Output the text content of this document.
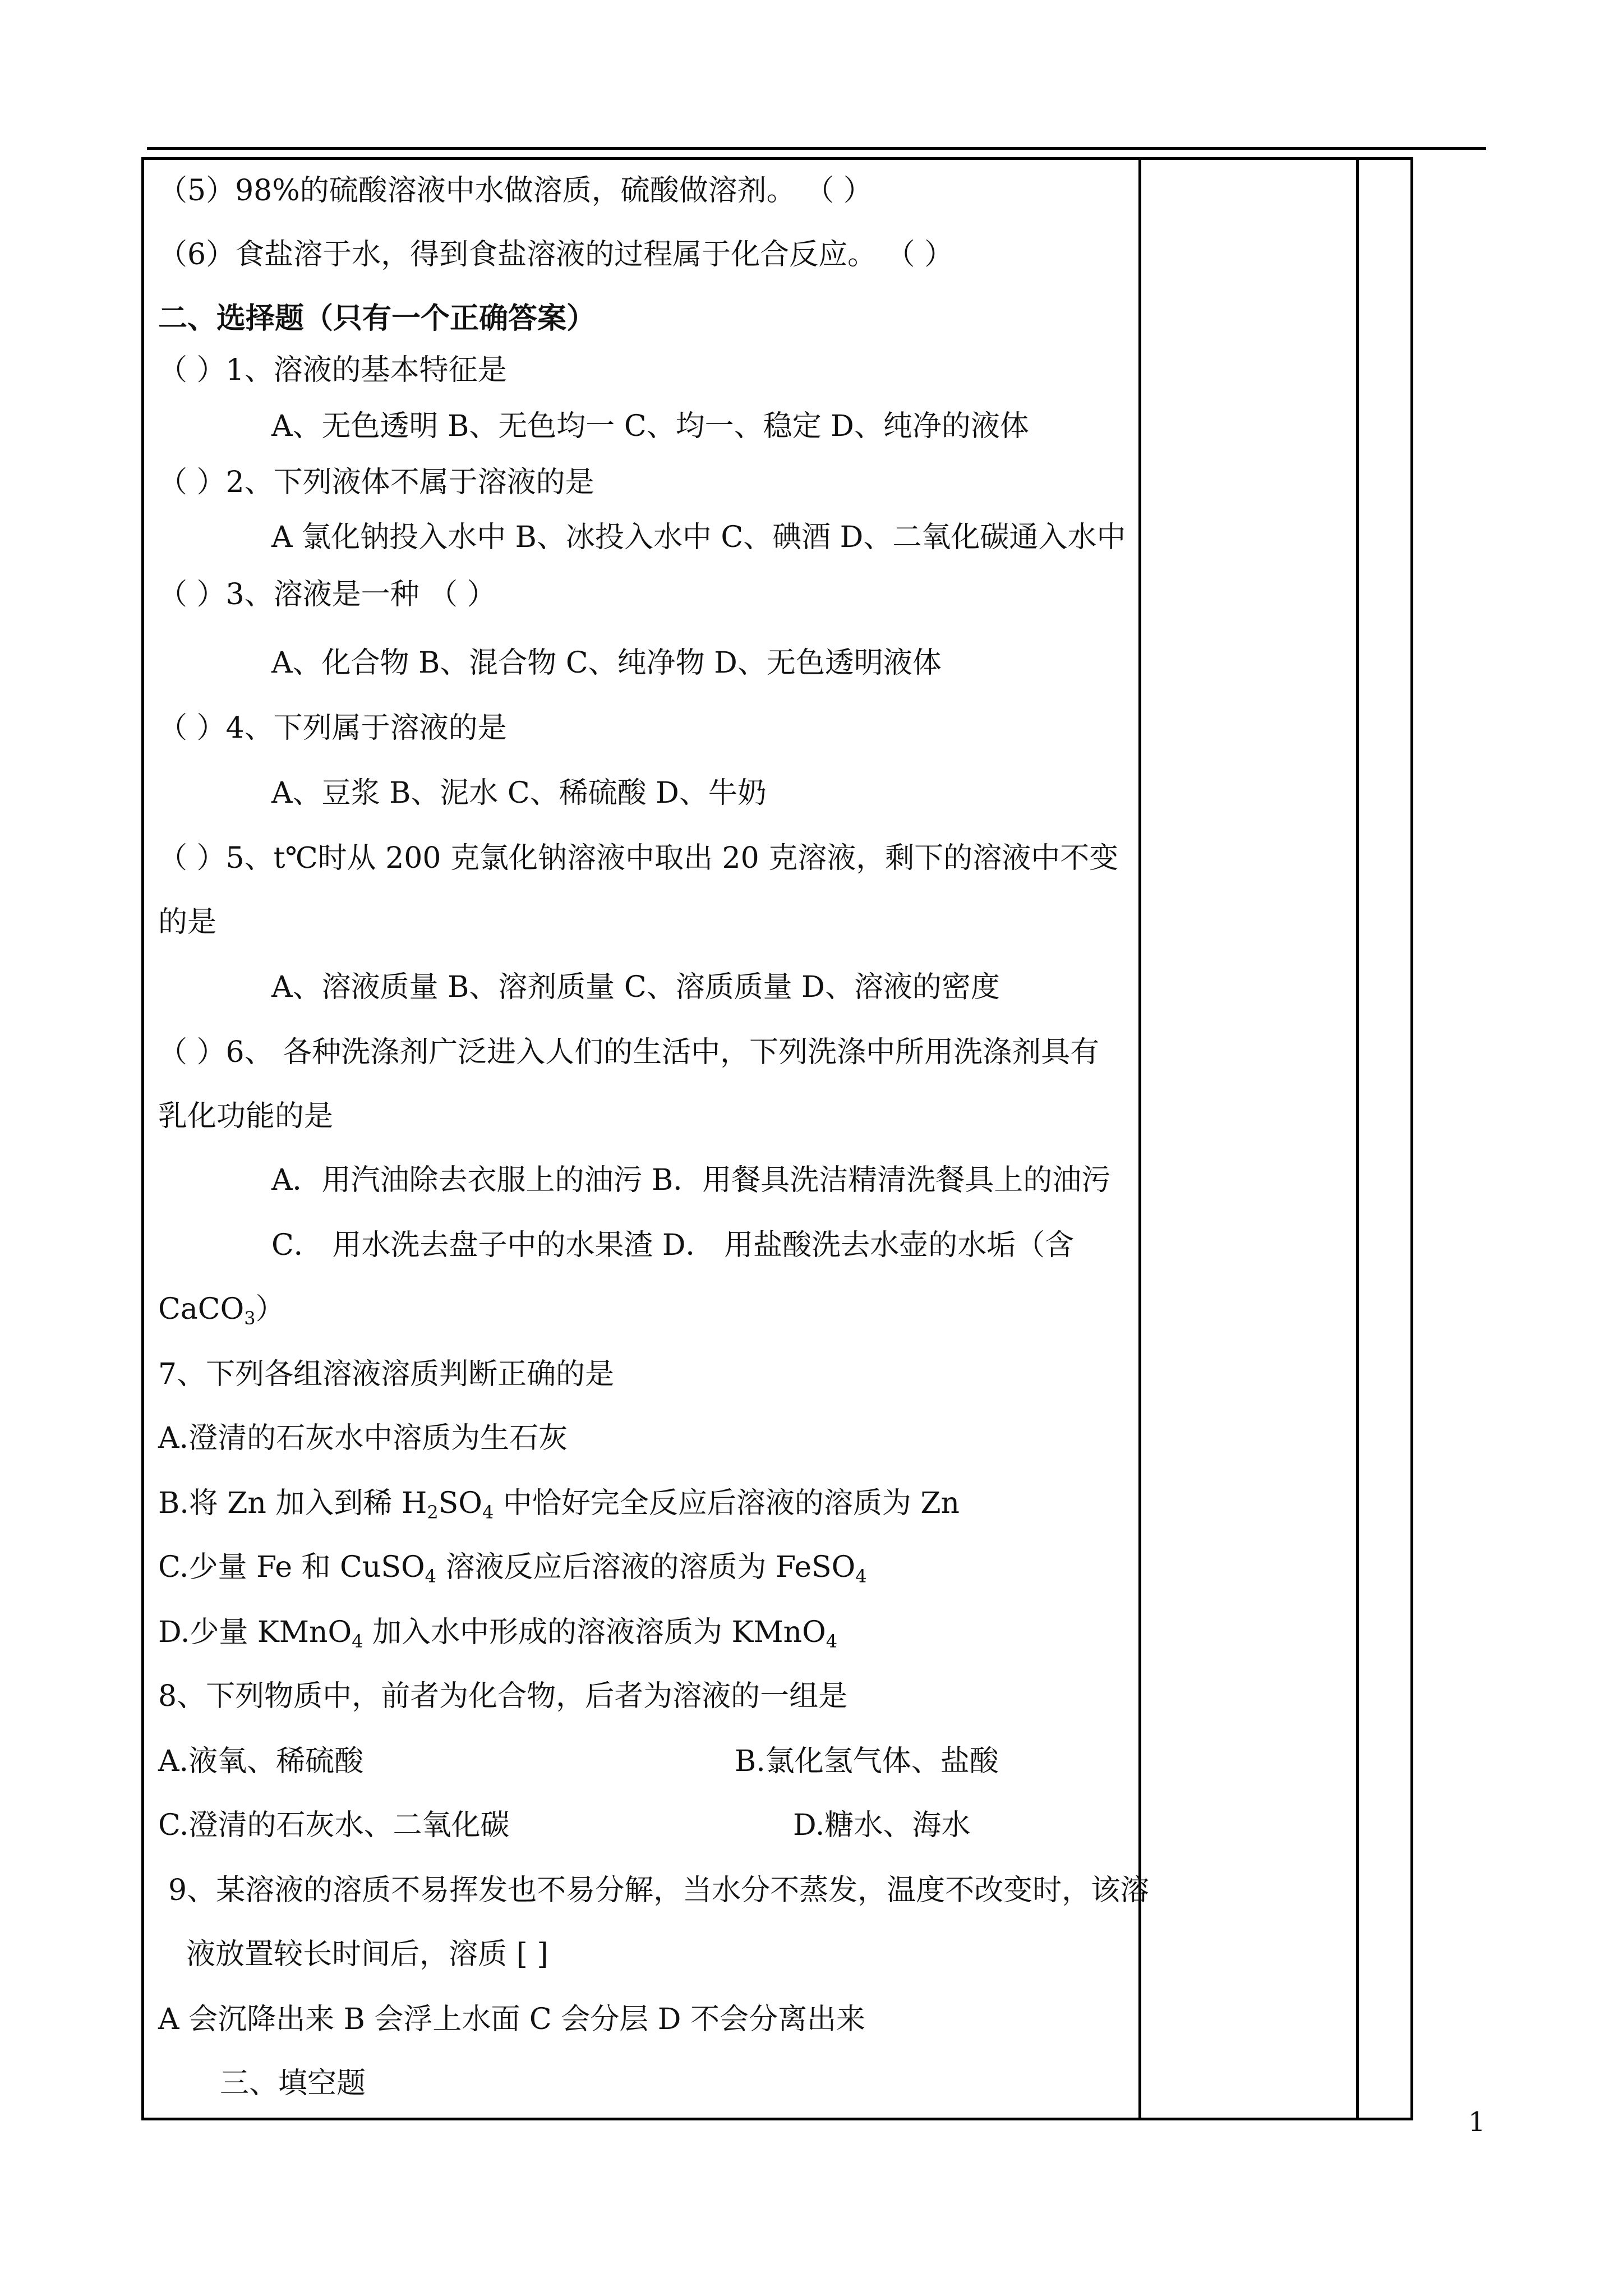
（5）98%的硫酸溶液中水做溶质，硫酸做溶剂。 （ ）
（6）食盐溶于水，得到食盐溶液的过程属于化合反应。 （ ）
二、选择题（只有一个正确答案）
（ ）1、溶液的基本特征是
A、无色透明 B、无色均一 C、均一、稳定 D、纯净的液体
（ ）2、下列液体不属于溶液的是
A 氯化钠投入水中 B、冰投入水中 C、碘酒 D、二氧化碳通入水中
（ ）3、溶液是一种 （ ）
A、化合物 B、混合物 C、纯净物 D、无色透明液体
（ ）4、下列属于溶液的是
A、豆浆 B、泥水 C、稀硫酸 D、牛奶
（ ）5、t℃时从 200 克氯化钠溶液中取出 20 克溶液，剩下的溶液中不变
的是
A、溶液质量 B、溶剂质量 C、溶质质量 D、溶液的密度
（ ）6、 各种洗涤剂广泛进入人们的生活中，下列洗涤中所用洗涤剂具有
乳化功能的是
A．用汽油除去衣服上的油污 B．用餐具洗洁精清洗餐具上的油污
C． 用水洗去盘子中的水果渣 D． 用盐酸洗去水壶的水垢（含
CaCO$_3$）
7、下列各组溶液溶质判断正确的是
A.澄清的石灰水中溶质为生石灰
B.将 Zn 加入到稀 $H_2SO_4$ 中恰好完全反应后溶液的溶质为 Zn
C.少量 Fe 和 CuSO$_4$ 溶液反应后溶液的溶质为 FeSO$_4$
D.少量 KMnO$_4$ 加入水中形成的溶液溶质为 KMnO$_4$
8、下列物质中，前者为化合物，后者为溶液的一组是
A.液氧、稀硫酸	B.氯化氢气体、盐酸
C.澄清的石灰水、二氧化碳	D.糖水、海水
9、某溶液的溶质不易挥发也不易分解，当水分不蒸发，温度不改变时，该溶
液放置较长时间后，溶质 [ ]
A 会沉降出来 B 会浮上水面 C 会分层 D 不会分离出来
三、填空题
1
